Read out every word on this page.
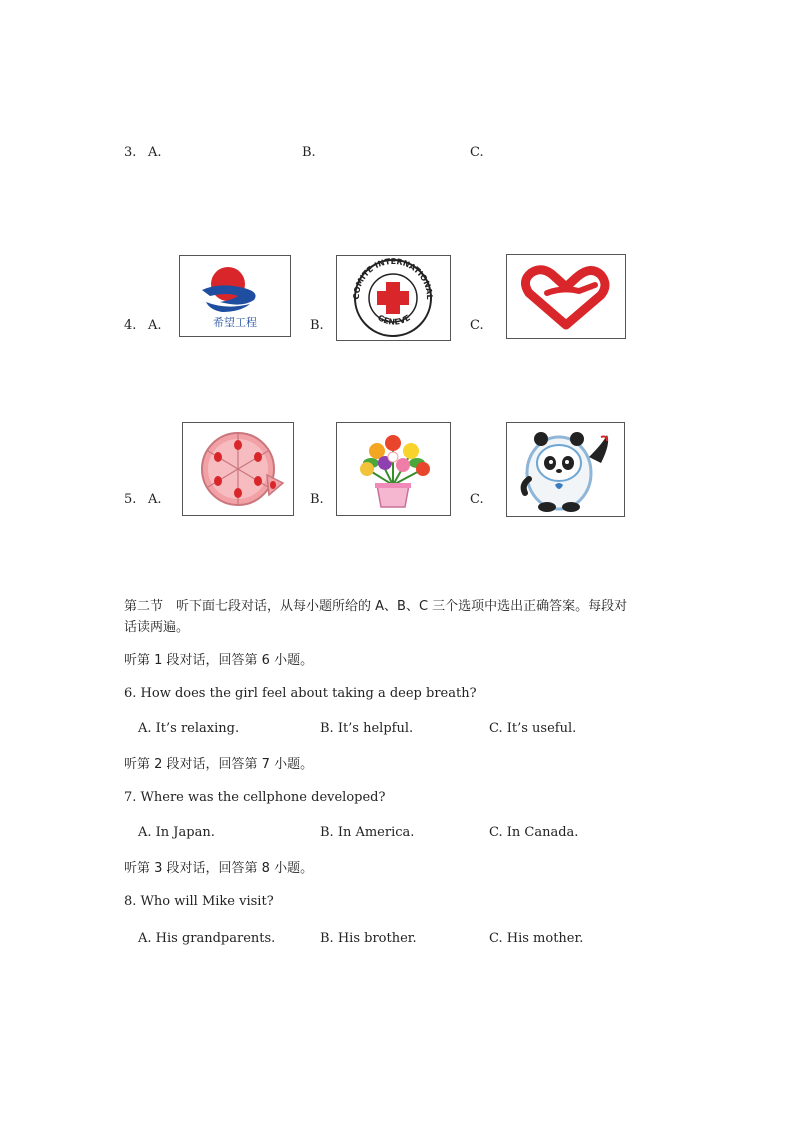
3. A.	B.	C.
4. A.	希望工程	B.
COMITE INTERNATIONAL
GENEVE	C.
5. A.	B.	C.
第二节　听下面七段对话，从每小题所给的 A、B、C 三个选项中选出正确答案。每段对
话读两遍。
听第 1 段对话，回答第 6 小题。
6. How does the girl feel about taking a deep breath?
A. It’s relaxing.	B. It’s helpful.	C. It’s useful.
听第 2 段对话，回答第 7 小题。
7. Where was the cellphone developed?
A. In Japan.	B. In America.	C. In Canada.
听第 3 段对话，回答第 8 小题。
8. Who will Mike visit?
A. His grandparents.	B. His brother.	C. His mother.
